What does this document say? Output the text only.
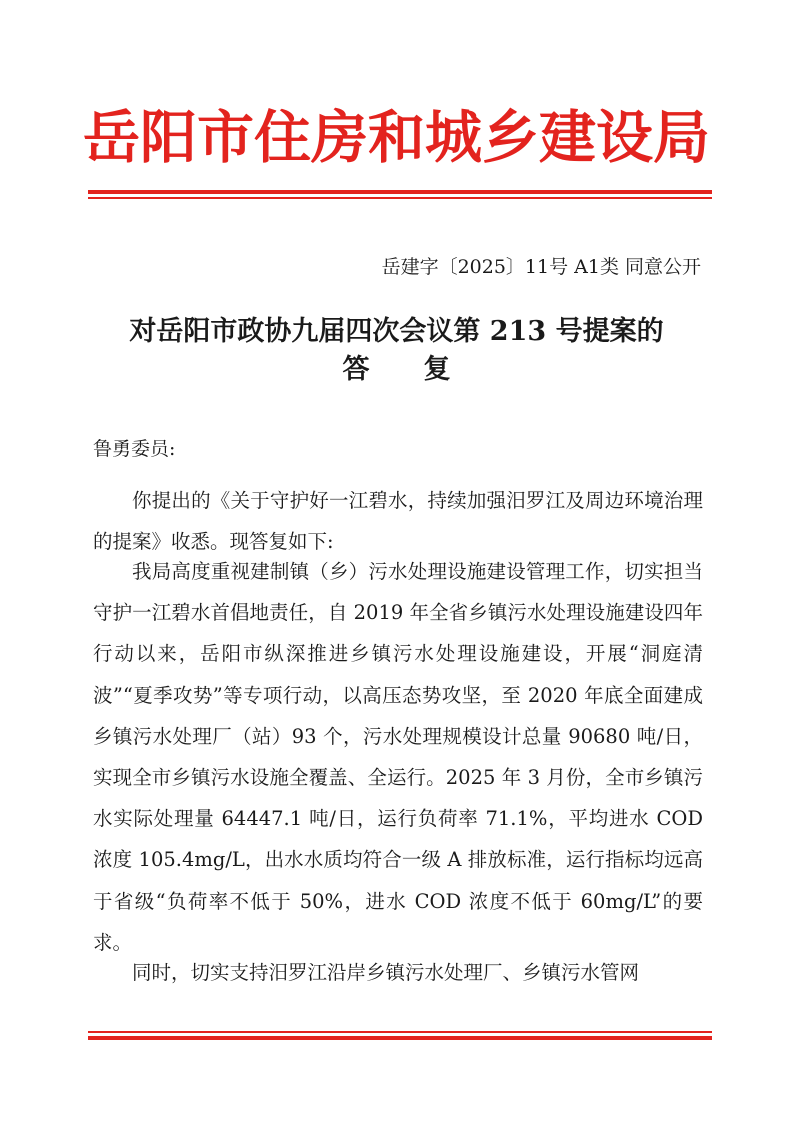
岳阳市住房和城乡建设局
岳建字〔2025〕11号 A1类 同意公开
对岳阳市政协九届四次会议第 213 号提案的
答　　复
鲁勇委员:

你提出的《关于守护好一江碧水，持续加强汨罗江及周边环境治理的提案》收悉。现答复如下:

我局高度重视建制镇（乡）污水处理设施建设管理工作，切实担当守护一江碧水首倡地责任，自 2019 年全省乡镇污水处理设施建设四年行动以来，岳阳市纵深推进乡镇污水处理设施建设，开展“洞庭清波”“夏季攻势”等专项行动，以高压态势攻坚，至 2020 年底全面建成乡镇污水处理厂（站）93 个，污水处理规模设计总量 90680 吨/日，实现全市乡镇污水设施全覆盖、全运行。2025 年 3 月份，全市乡镇污水实际处理量 64447.1 吨/日，运行负荷率 71.1%，平均进水 COD 浓度 105.4mg/L，出水水质均符合一级 A 排放标准，运行指标均远高于省级“负荷率不低于 50%，进水 COD 浓度不低于 60mg/L”的要求。

同时，切实支持汨罗江沿岸乡镇污水处理厂、乡镇污水管网
